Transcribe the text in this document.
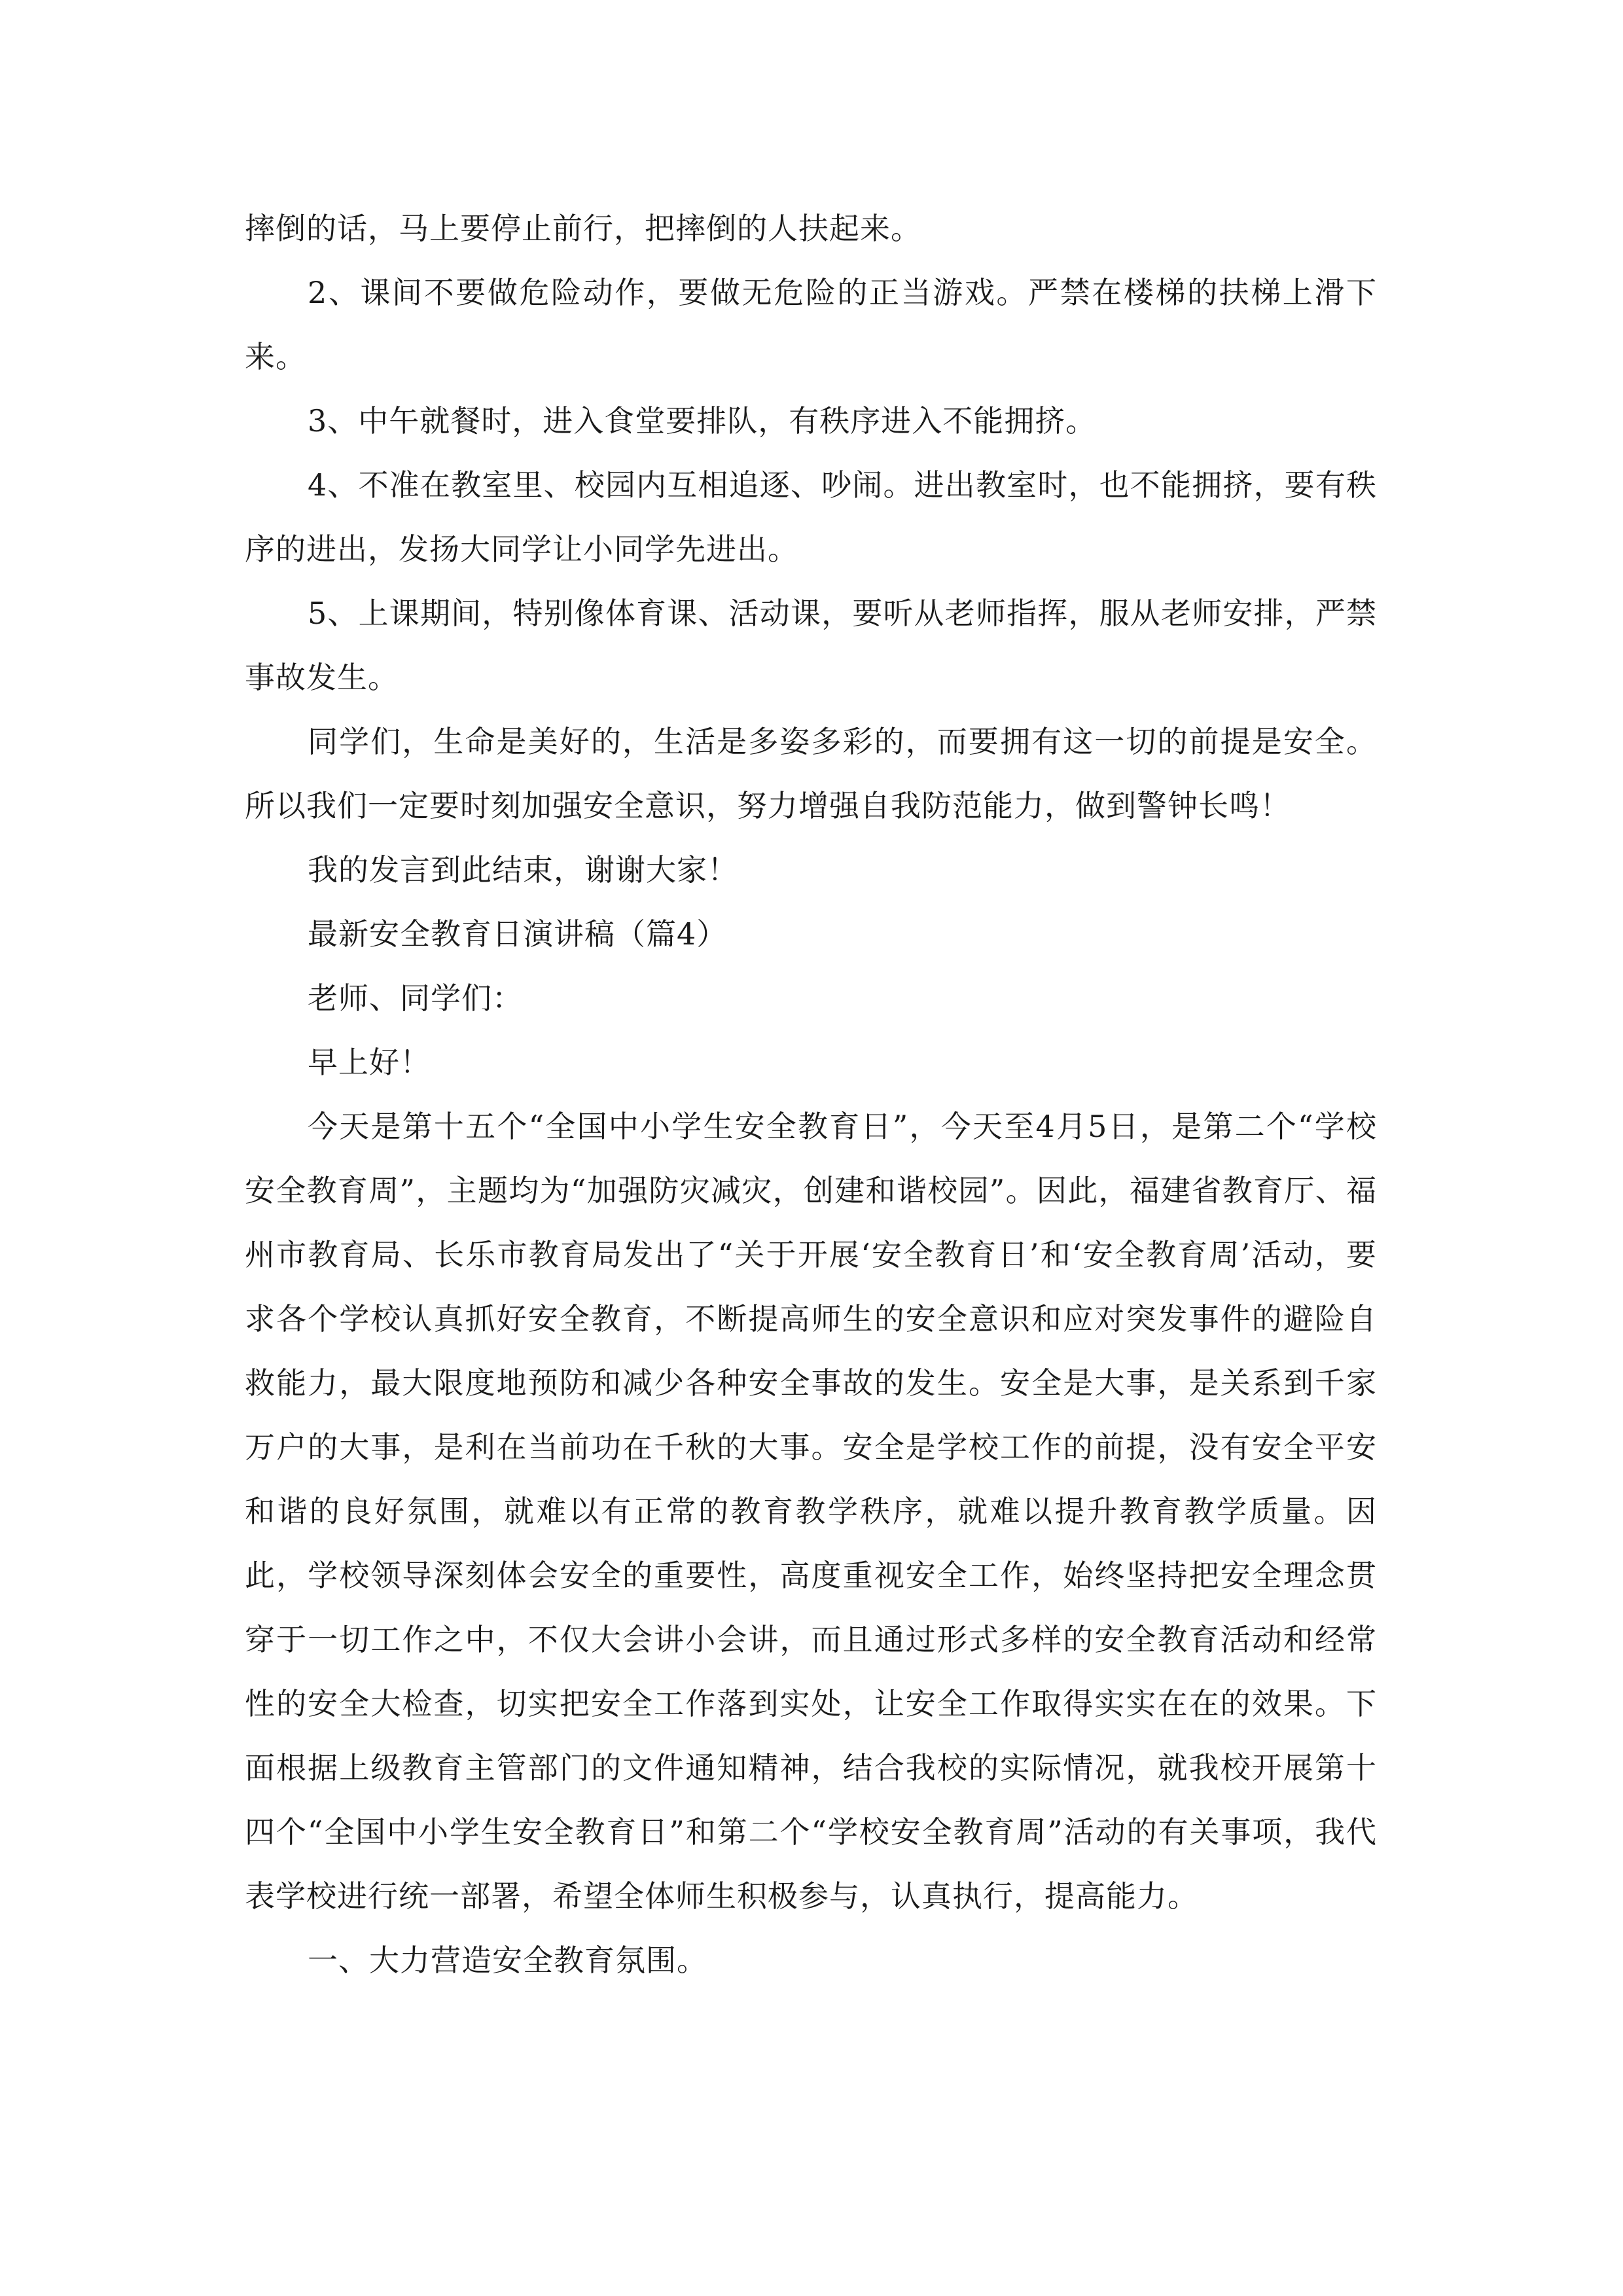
摔倒的话，马上要停止前行，把摔倒的人扶起来。

2、课间不要做危险动作，要做无危险的正当游戏。严禁在楼梯的扶梯上滑下来。

3、中午就餐时，进入食堂要排队，有秩序进入不能拥挤。

4、不准在教室里、校园内互相追逐、吵闹。进出教室时，也不能拥挤，要有秩序的进出，发扬大同学让小同学先进出。

5、上课期间，特别像体育课、活动课，要听从老师指挥，服从老师安排，严禁事故发生。

同学们，生命是美好的，生活是多姿多彩的，而要拥有这一切的前提是安全。所以我们一定要时刻加强安全意识，努力增强自我防范能力，做到警钟长鸣！

我的发言到此结束，谢谢大家！

最新安全教育日演讲稿（篇4）

老师、同学们：

早上好！

今天是第十五个“全国中小学生安全教育日”，今天至4月5日，是第二个“学校安全教育周”，主题均为“加强防灾减灾，创建和谐校园”。因此，福建省教育厅、福州市教育局、长乐市教育局发出了“关于开展‘安全教育日’和‘安全教育周’活动，要求各个学校认真抓好安全教育，不断提高师生的安全意识和应对突发事件的避险自救能力，最大限度地预防和减少各种安全事故的发生。安全是大事，是关系到千家万户的大事，是利在当前功在千秋的大事。安全是学校工作的前提，没有安全平安和谐的良好氛围，就难以有正常的教育教学秩序，就难以提升教育教学质量。因此，学校领导深刻体会安全的重要性，高度重视安全工作，始终坚持把安全理念贯穿于一切工作之中，不仅大会讲小会讲，而且通过形式多样的安全教育活动和经常性的安全大检查，切实把安全工作落到实处，让安全工作取得实实在在的效果。下面根据上级教育主管部门的文件通知精神，结合我校的实际情况，就我校开展第十四个“全国中小学生安全教育日”和第二个“学校安全教育周”活动的有关事项，我代表学校进行统一部署，希望全体师生积极参与，认真执行，提高能力。

一、大力营造安全教育氛围。
